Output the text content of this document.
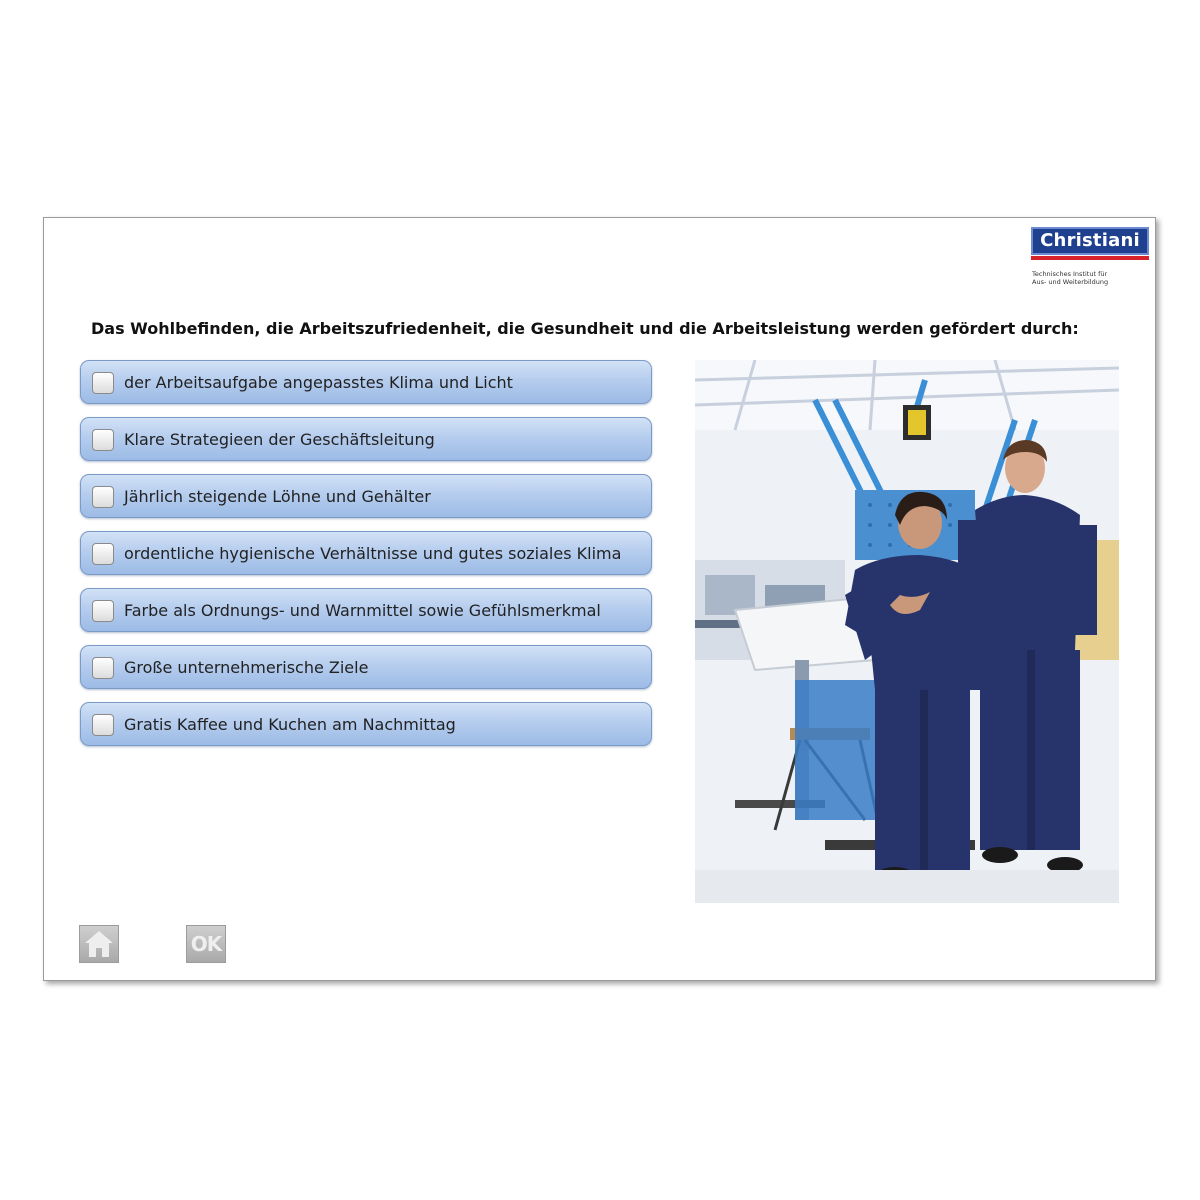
Christiani
Technisches Institut für
Aus- und Weiterbildung
Das Wohlbefinden, die Arbeitszufriedenheit, die Gesundheit und die Arbeitsleistung werden gefördert durch:
der Arbeitsaufgabe angepasstes Klima und Licht
Klare Strategieen der Geschäftsleitung
Jährlich steigende Löhne und Gehälter
ordentliche hygienische Verhältnisse und gutes soziales Klima
Farbe als Ordnungs- und Warnmittel sowie Gefühlsmerkmal
Große unternehmerische Ziele
Gratis Kaffee und Kuchen am Nachmittag
OK
